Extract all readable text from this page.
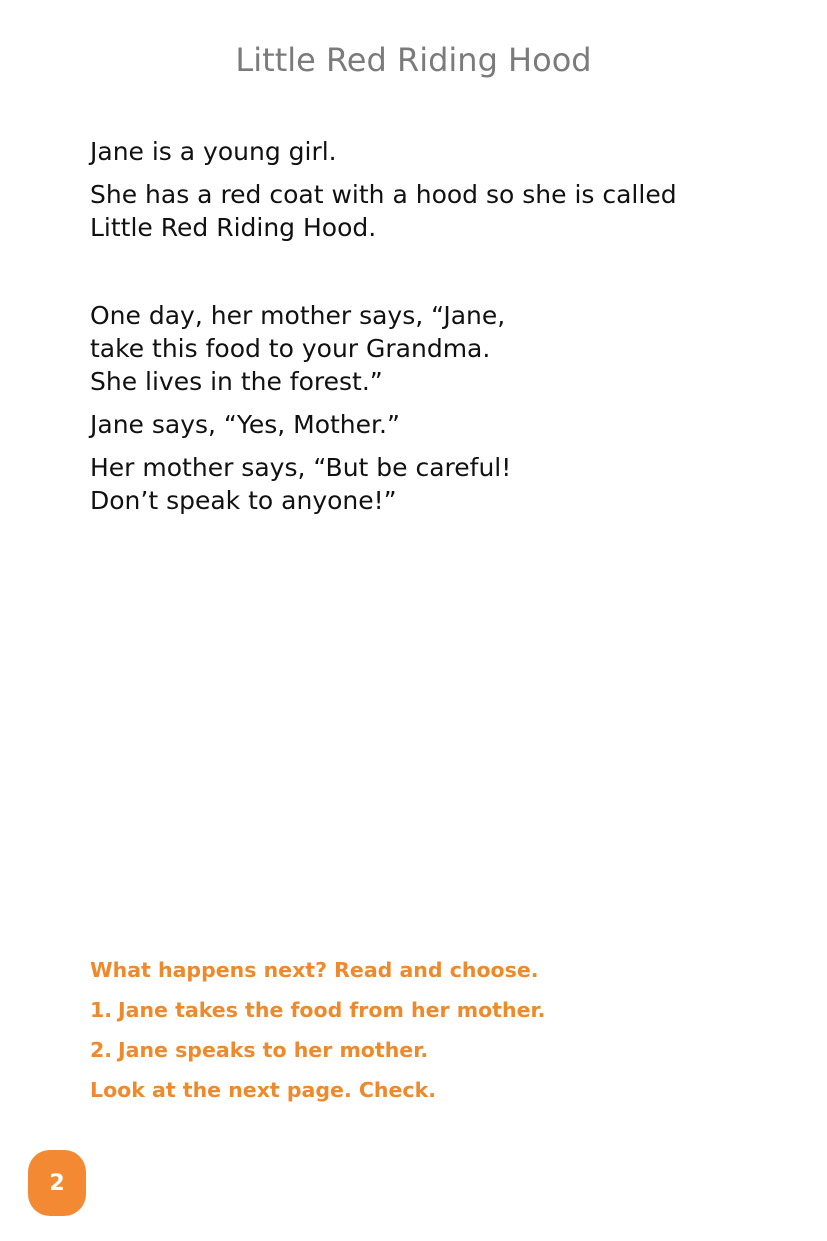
Little Red Riding Hood

Jane is a young girl.

She has a red coat with a hood so she is called
Little Red Riding Hood.

One day, her mother says, “Jane,
take this food to your Grandma.
She lives in the forest.”

Jane says, “Yes, Mother.”

Her mother says, “But be careful!
Don’t speak to anyone!”

What happens next? Read and choose.

1. Jane takes the food from her mother.

2. Jane speaks to her mother.

Look at the next page. Check.

2
